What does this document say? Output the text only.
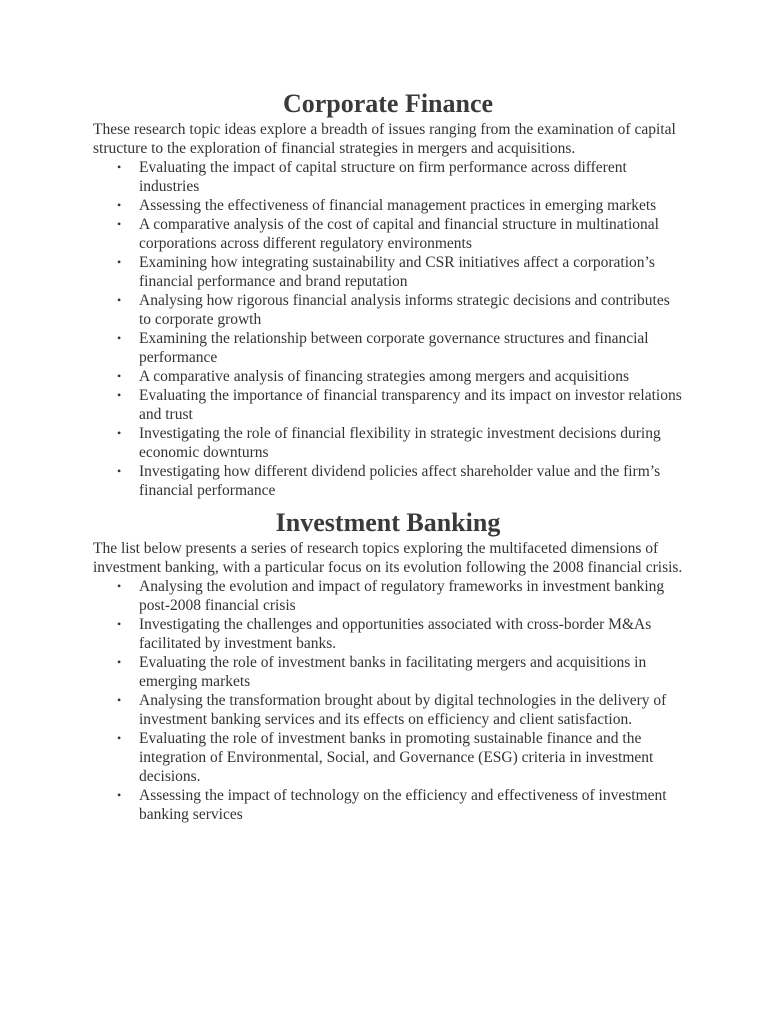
Corporate Finance

These research topic ideas explore a breadth of issues ranging from the examination of capital structure to the exploration of financial strategies in mergers and acquisitions.

• Evaluating the impact of capital structure on firm performance across different industries
• Assessing the effectiveness of financial management practices in emerging markets
• A comparative analysis of the cost of capital and financial structure in multinational corporations across different regulatory environments
• Examining how integrating sustainability and CSR initiatives affect a corporation’s financial performance and brand reputation
• Analysing how rigorous financial analysis informs strategic decisions and contributes to corporate growth
• Examining the relationship between corporate governance structures and financial performance
• A comparative analysis of financing strategies among mergers and acquisitions
• Evaluating the importance of financial transparency and its impact on investor relations and trust
• Investigating the role of financial flexibility in strategic investment decisions during economic downturns
• Investigating how different dividend policies affect shareholder value and the firm’s financial performance
Investment Banking

The list below presents a series of research topics exploring the multifaceted dimensions of investment banking, with a particular focus on its evolution following the 2008 financial crisis.

• Analysing the evolution and impact of regulatory frameworks in investment banking post-2008 financial crisis
• Investigating the challenges and opportunities associated with cross-border M&As facilitated by investment banks.
• Evaluating the role of investment banks in facilitating mergers and acquisitions in emerging markets
• Analysing the transformation brought about by digital technologies in the delivery of investment banking services and its effects on efficiency and client satisfaction.
• Evaluating the role of investment banks in promoting sustainable finance and the integration of Environmental, Social, and Governance (ESG) criteria in investment decisions.
• Assessing the impact of technology on the efficiency and effectiveness of investment banking services
